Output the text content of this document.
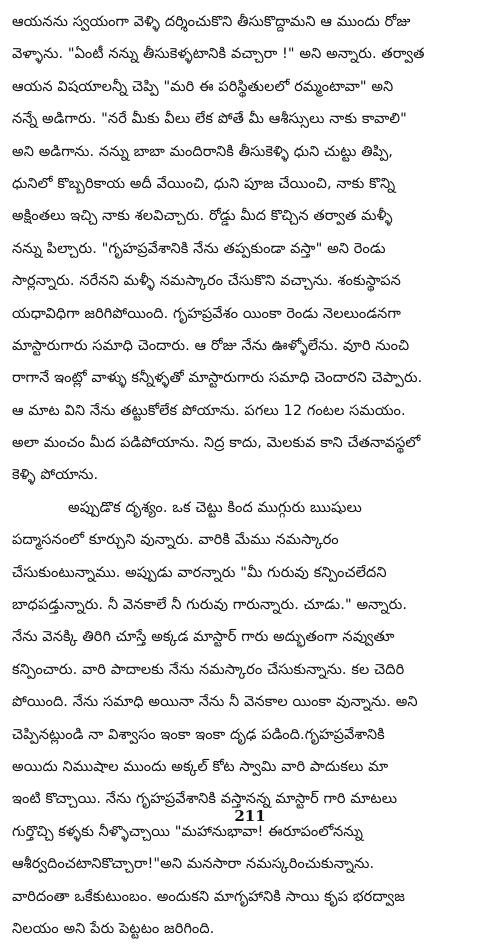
ఆయనను స్వయంగా వెళ్ళి దర్శించుకొని తీసుకొద్దామని ఆ ముందు రోజు
వెళ్ళాను. "ఏంటీ నన్ను తీసుకెళ్ళటానికి వచ్చారా !" అని అన్నారు. తర్వాత
ఆయన విషయాలన్నీ చెప్పి "మరి ఈ పరిస్థితులలో రమ్మంటావా" అని
నన్నే అడిగారు. "నరే మీకు వీలు లేక పోతే మీ ఆశీస్సులు నాకు కావాలి"
అని అడిగాను. నన్ను బాబా మందిరానికి తీసుకెళ్ళి ధుని చుట్టు తిప్పి,
ధునిలో కొబ్బరికాయ అదీ వేయించి, ధుని పూజ చేయించి, నాకు కొన్ని
అక్షింతలు ఇచ్చి నాకు శలవిచ్చారు. రోడ్డు మీద కొచ్చిన తర్వాత మళ్ళీ
నన్ను పిల్చారు. "గృహప్రవేశానికి నేను తప్పకుండా వస్తా" అని రెండు
సార్లన్నారు. నరేనని మళ్ళీ నమస్కారం చేసుకొని వచ్చాను. శంకుస్థాపన
యధావిధిగా జరిగిపోయింది. గృహప్రవేశం యింకా రెండు నెలలుండనగా
మాస్టారుగారు సమాధి చెందారు. ఆ రోజు నేను ఊళ్ళోలేను. వూరి నుంచి
రాగానే ఇంట్లో వాళ్ళు కన్నీళ్ళతో మాస్టారుగారు సమాధి చెందారని చెప్పారు.
ఆ మాట విని నేను తట్టుకోలేక పోయాను. పగలు 12 గంటల సమయం.
అలా మంచం మీద పడిపోయాను. నిద్ర కాదు, మెలకువ కాని చేతనావస్థలో
కెళ్ళి పోయాను.
అప్పుడొక దృశ్యం. ఒక చెట్టు కింద ముగ్గురు ఋషులు
పద్మాసనంలో కూర్చుని వున్నారు. వారికి మేము నమస్కారం
చేసుకుంటున్నాము. అప్పుడు వారన్నారు "మీ గురువు కన్పించలేదని
బాధపడ్తున్నారు. నీ వెనకాలే నీ గురువు గారున్నారు. చూడు." అన్నారు.
నేను వెనక్కి తిరిగి చూస్తే అక్కడ మాస్టార్ గారు అద్భుతంగా నవ్వుతూ
కన్పించారు. వారి పాదాలకు నేను నమస్కారం చేసుకున్నాను. కల చెదిరి
పోయింది. నేను సమాధి అయినా నేను నీ వెనకాల యింకా వున్నాను. అని
చెప్పినట్లుండి నా విశ్వాసం ఇంకా ఇంకా దృఢ పడింది.గృహప్రవేశానికి
అయిదు నిముషాల ముందు అక్కల్ కోట స్వామి వారి పాదుకలు మా
ఇంటి కొచ్చాయి. నేను గృహప్రవేశానికి వస్తానన్న మాస్టార్ గారి మాటలు
గుర్తొచ్చి కళ్ళకు నీళ్ళొచ్చాయి "మహానుభావా! ఈరూపంలోనన్ను
ఆశీర్వదించటానికొచ్చారా!"అని మనసారా నమస్కరించుకున్నాను.
వారిదంతా ఒకేకుటుంబం. అందుకని మాగృహానికి సాయి కృప భరద్వాజ
నిలయం అని పేరు పెట్టటం జరిగింది.
211
